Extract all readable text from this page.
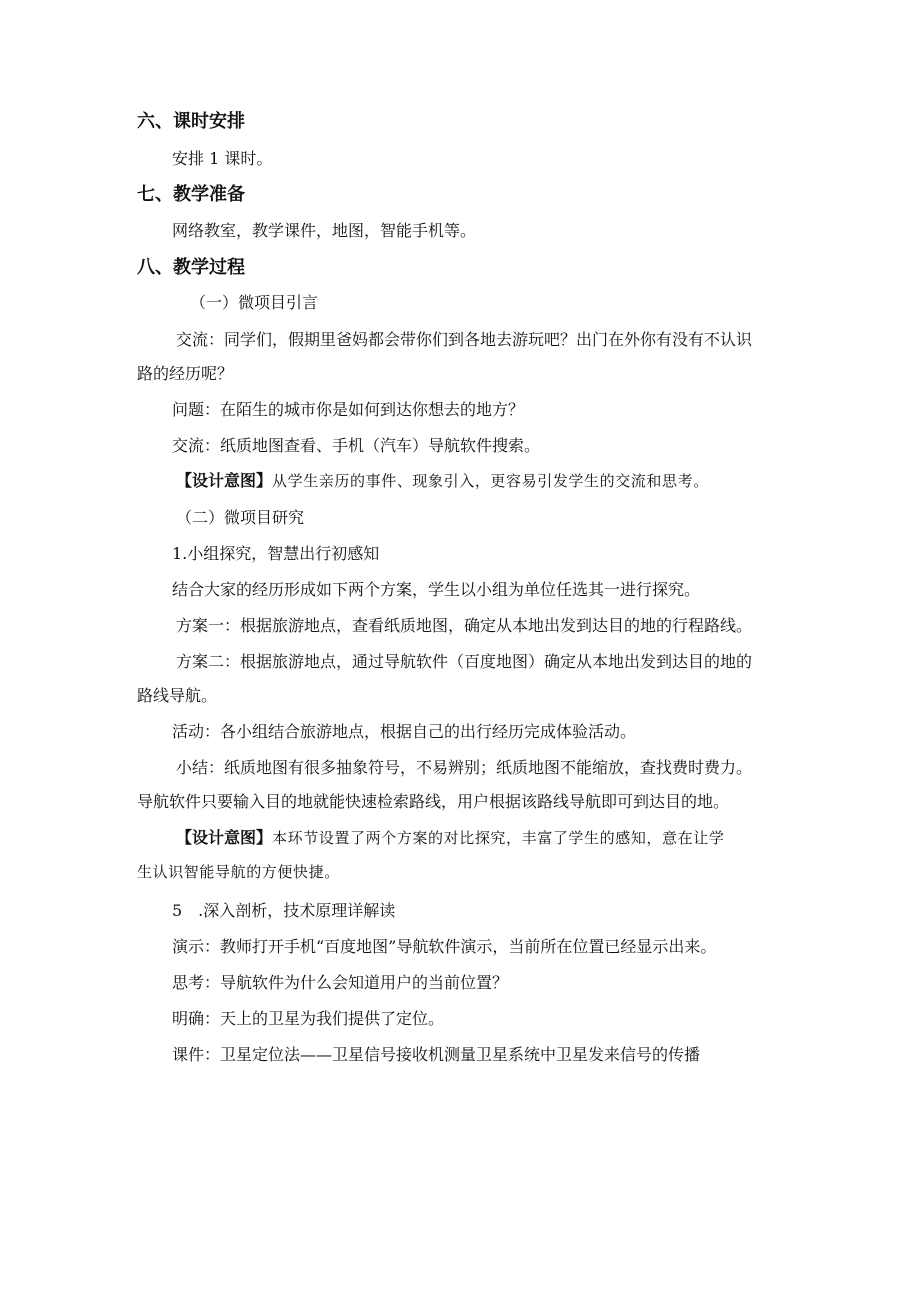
六、课时安排
安排 1 课时。
七、教学准备
网络教室，教学课件，地图，智能手机等。
八、教学过程
（一）微项目引言
交流：同学们，假期里爸妈都会带你们到各地去游玩吧？出门在外你有没有不认识
路的经历呢？
问题：在陌生的城市你是如何到达你想去的地方？
交流：纸质地图查看、手机（汽车）导航软件搜索。
【设计意图】从学生亲历的事件、现象引入，更容易引发学生的交流和思考。
（二）微项目研究
1.小组探究，智慧出行初感知
结合大家的经历形成如下两个方案，学生以小组为单位任选其一进行探究。
方案一：根据旅游地点，查看纸质地图，确定从本地出发到达目的地的行程路线。
方案二：根据旅游地点，通过导航软件（百度地图）确定从本地出发到达目的地的
路线导航。
活动：各小组结合旅游地点，根据自己的出行经历完成体验活动。
小结：纸质地图有很多抽象符号，不易辨别；纸质地图不能缩放，查找费时费力。
导航软件只要输入目的地就能快速检索路线，用户根据该路线导航即可到达目的地。
【设计意图】本环节设置了两个方案的对比探究，丰富了学生的感知，意在让学
生认识智能导航的方便快捷。
5　.深入剖析，技术原理详解读
演示：教师打开手机“百度地图”导航软件演示，当前所在位置已经显示出来。
思考：导航软件为什么会知道用户的当前位置？
明确：天上的卫星为我们提供了定位。
课件：卫星定位法——卫星信号接收机测量卫星系统中卫星发来信号的传播
